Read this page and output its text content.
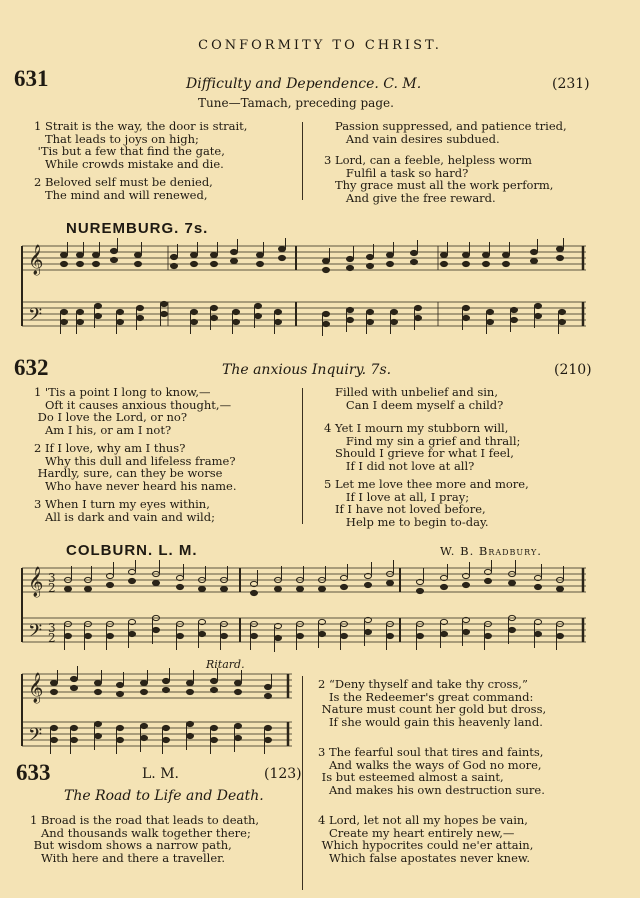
CONFORMITY TO CHRIST.
631	Difficulty and Dependence. C. M.	(231)
Tune—Tamach, preceding page.
1 Strait is the way, the door is strait,
That leads to joys on high;
'Tis but a few that find the gate,
While crowds mistake and die.
2 Beloved self must be denied,
The mind and will renewed,
Passion suppressed, and patience tried,
And vain desires subdued.
3 Lord, can a feeble, helpless worm
Fulfil a task so hard?
Thy grace must all the work perform,
And give the free reward.
NUREMBURG. 7s.
𝄞
𝄢
632	The anxious Inquiry. 7s.	(210)
1 'Tis a point I long to know,—
Oft it causes anxious thought,—
Do I love the Lord, or no?
Am I his, or am I not?
2 If I love, why am I thus?
Why this dull and lifeless frame?
Hardly, sure, can they be worse
Who have never heard his name.
3 When I turn my eyes within,
All is dark and vain and wild;
Filled with unbelief and sin,
Can I deem myself a child?
4 Yet I mourn my stubborn will,
Find my sin a grief and thrall;
Should I grieve for what I feel,
If I did not love at all?
5 Let me love thee more and more,
If I love at all, I pray;
If I have not loved before,
Help me to begin to-day.
COLBURN. L. M.	W. B. Bradbury.
𝄞 3
2
𝄢 3
2
Ritard.
𝄞
𝄢
633	L. M.	(123)
The Road to Life and Death.
1 Broad is the road that leads to death,
And thousands walk together there;
But wisdom shows a narrow path,
With here and there a traveller.
2 “Deny thyself and take thy cross,”
Is the Redeemer's great command:
Nature must count her gold but dross,
If she would gain this heavenly land.
3 The fearful soul that tires and faints,
And walks the ways of God no more,
Is but esteemed almost a saint,
And makes his own destruction sure.
4 Lord, let not all my hopes be vain,
Create my heart entirely new,—
Which hypocrites could ne'er attain,
Which false apostates never knew.
